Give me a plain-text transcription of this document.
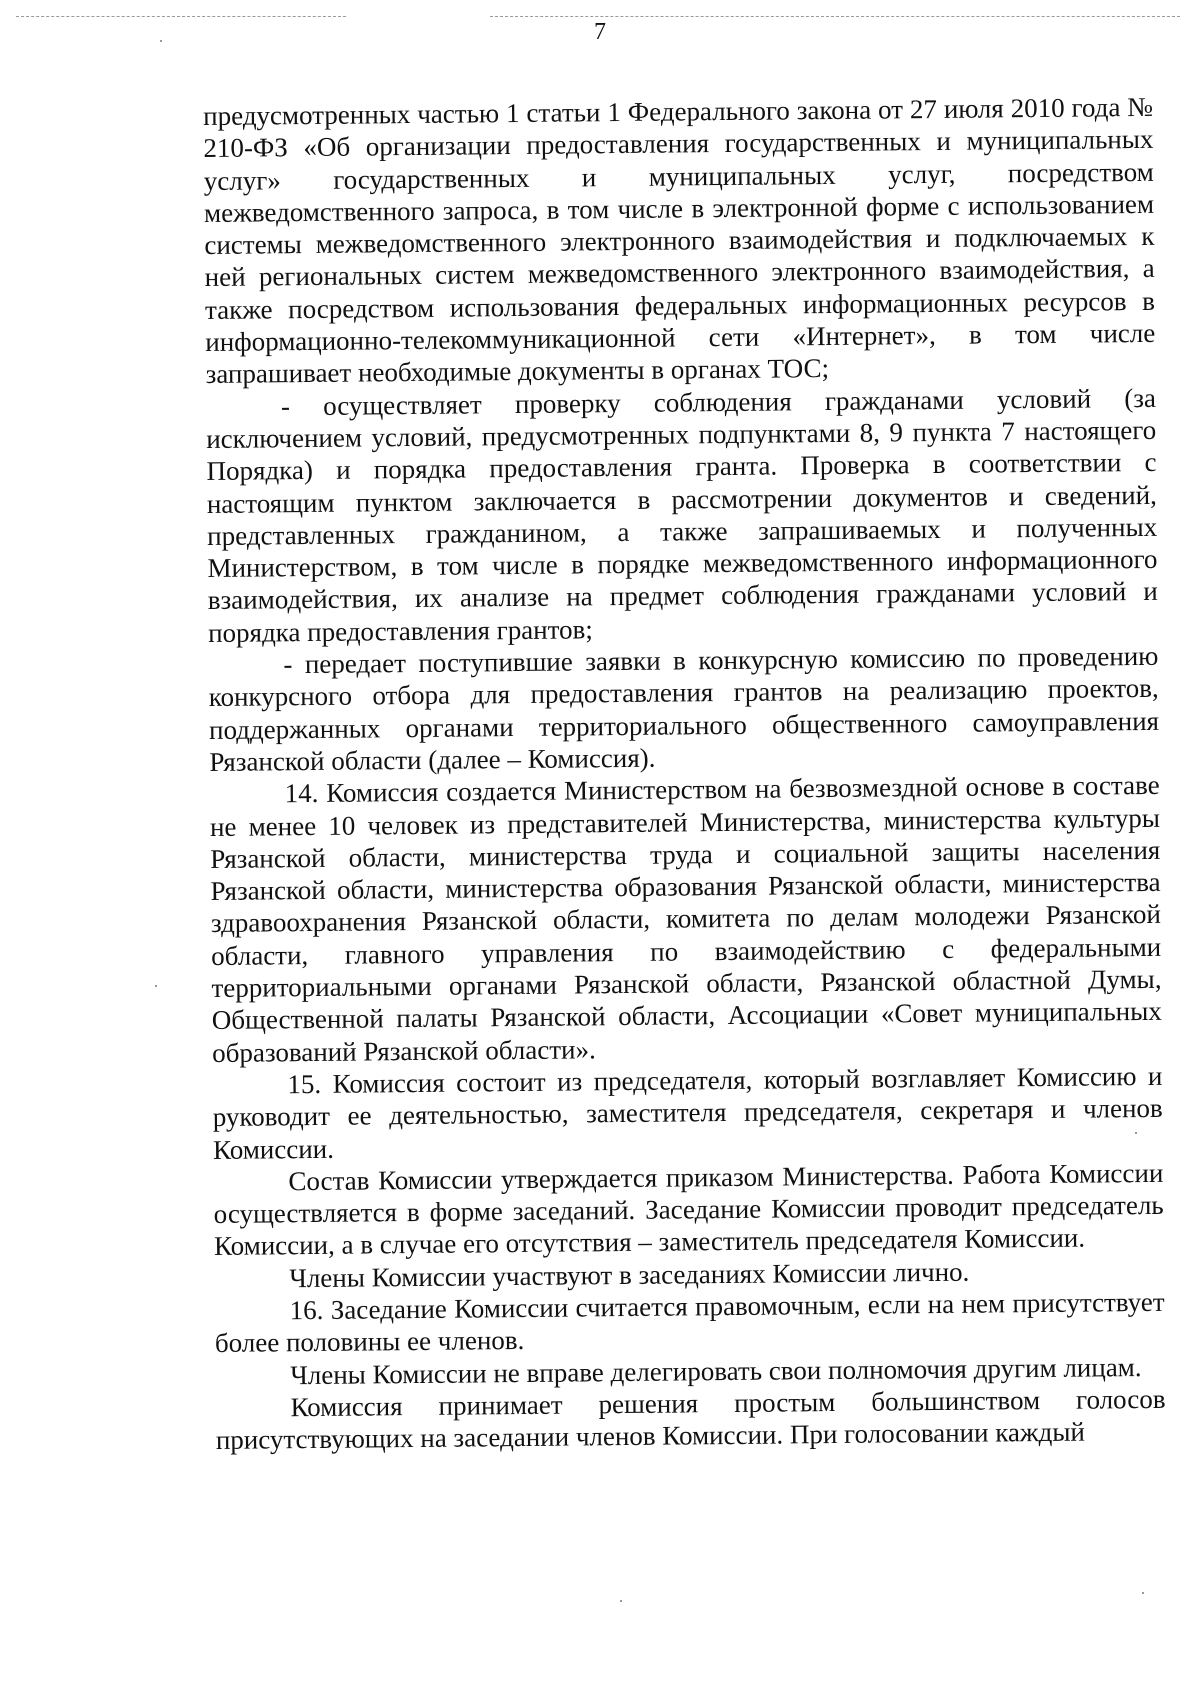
7

предусмотренных частью 1 статьи 1 Федерального закона от 27 июля 2010 года № 210-ФЗ «Об организации предоставления государственных и муниципальных услуг» государственных и муниципальных услуг, посредством межведомственного запроса, в том числе в электронной форме с использованием системы межведомственного электронного взаимодействия и подключаемых к ней региональных систем межведомственного электронного взаимодействия, а также посредством использования федеральных информационных ресурсов в информационно-телекоммуникационной сети «Интернет», в том числе запрашивает необходимые документы в органах ТОС;

- осуществляет проверку соблюдения гражданами условий (за исключением условий, предусмотренных подпунктами 8, 9 пункта 7 настоящего Порядка) и порядка предоставления гранта. Проверка в соответствии с настоящим пунктом заключается в рассмотрении документов и сведений, представленных гражданином, а также запрашиваемых и полученных Министерством, в том числе в порядке межведомственного информационного взаимодействия, их анализе на предмет соблюдения гражданами условий и порядка предоставления грантов;

- передает поступившие заявки в конкурсную комиссию по проведению конкурсного отбора для предоставления грантов на реализацию проектов, поддержанных органами территориального общественного самоуправления Рязанской области (далее – Комиссия).

14. Комиссия создается Министерством на безвозмездной основе в составе не менее 10 человек из представителей Министерства, министерства культуры Рязанской области, министерства труда и социальной защиты населения Рязанской области, министерства образования Рязанской области, министерства здравоохранения Рязанской области, комитета по делам молодежи Рязанской области, главного управления по взаимодействию с федеральными территориальными органами Рязанской области, Рязанской областной Думы, Общественной палаты Рязанской области, Ассоциации «Совет муниципальных образований Рязанской области».

15. Комиссия состоит из председателя, который возглавляет Комиссию и руководит ее деятельностью, заместителя председателя, секретаря и членов Комиссии.

Состав Комиссии утверждается приказом Министерства. Работа Комиссии осуществляется в форме заседаний. Заседание Комиссии проводит председатель Комиссии, а в случае его отсутствия – заместитель председателя Комиссии.

Члены Комиссии участвуют в заседаниях Комиссии лично.

16. Заседание Комиссии считается правомочным, если на нем присутствует более половины ее членов.

Члены Комиссии не вправе делегировать свои полномочия другим лицам.

Комиссия принимает решения простым большинством голосов присутствующих на заседании членов Комиссии. При голосовании каждый
